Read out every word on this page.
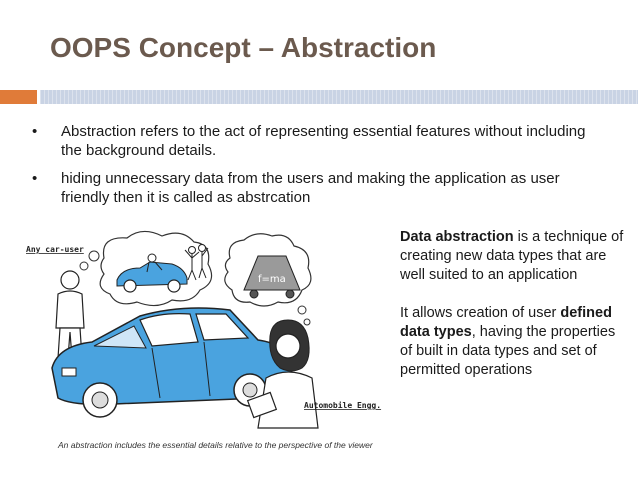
OOPS Concept – Abstraction
• Abstraction refers to the act of representing essential features without including the background details.
• hiding unnecessary data from the users and making the application as user friendly then it is called as abstrcation
f=ma
Any car-user
Automobile Engg.
An abstraction includes the essential details relative to the perspective of the viewer

Data abstraction is a technique of creating new data types that are well suited to an application

It allows creation of user defined data types, having the properties of built in data types and set of permitted operations
